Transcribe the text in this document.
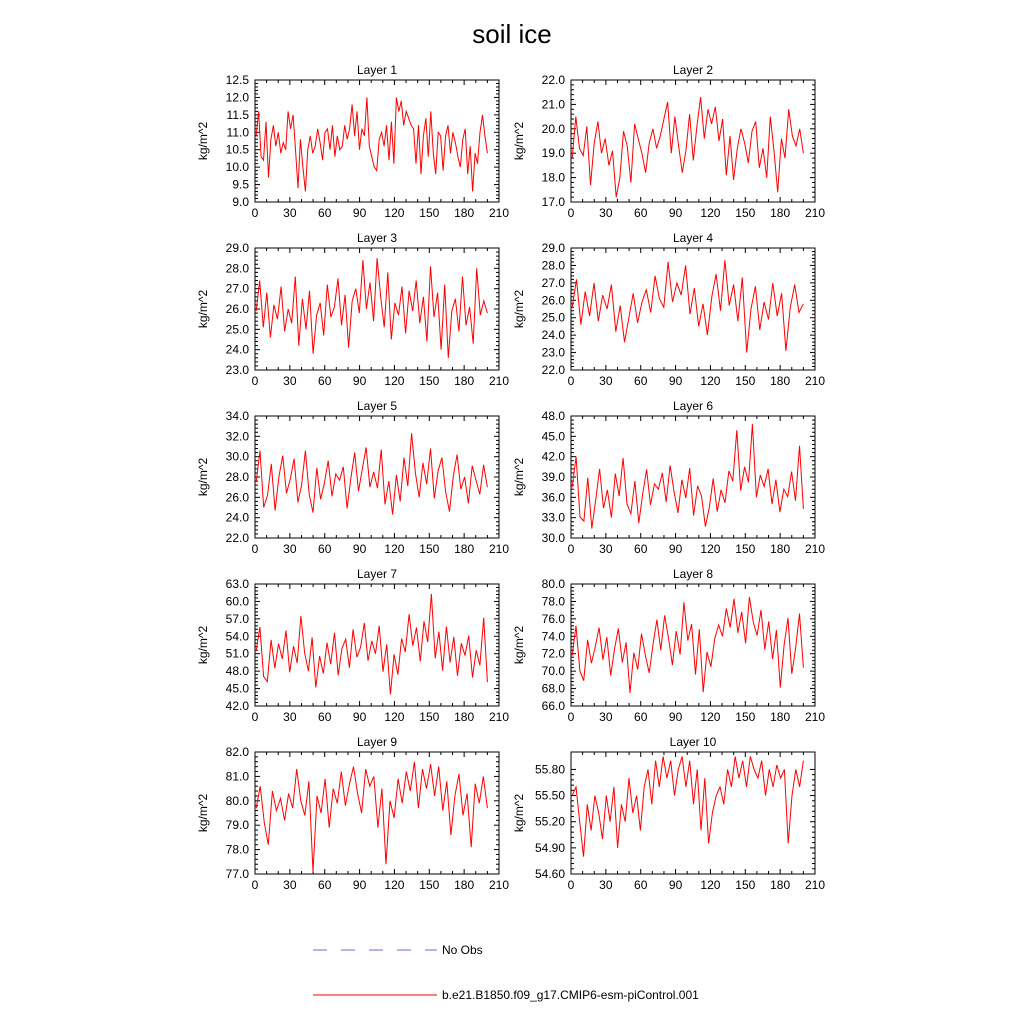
soil ice
Layer 1
kg/m^2
0 30 60 90 120 150 180 210
9.0
9.5
10.0
10.5
11.0
11.5
12.0
12.5
Layer 2
kg/m^2
0 30 60 90 120 150 180 210
17.0
18.0
19.0
20.0
21.0
22.0
Layer 3
kg/m^2
0 30 60 90 120 150 180 210
23.0
24.0
25.0
26.0
27.0
28.0
29.0
Layer 4
kg/m^2
0 30 60 90 120 150 180 210
22.0
23.0
24.0
25.0
26.0
27.0
28.0
29.0
Layer 5
kg/m^2
0 30 60 90 120 150 180 210
22.0
24.0
26.0
28.0
30.0
32.0
34.0
Layer 6
kg/m^2
0 30 60 90 120 150 180 210
30.0
33.0
36.0
39.0
42.0
45.0
48.0
Layer 7
kg/m^2
0 30 60 90 120 150 180 210
42.0
45.0
48.0
51.0
54.0
57.0
60.0
63.0
Layer 8
kg/m^2
0 30 60 90 120 150 180 210
66.0
68.0
70.0
72.0
74.0
76.0
78.0
80.0
Layer 9
kg/m^2
0 30 60 90 120 150 180 210
77.0
78.0
79.0
80.0
81.0
82.0
Layer 10
kg/m^2
0 30 60 90 120 150 180 210
54.60
54.90
55.20
55.50
55.80
No Obs
b.e21.B1850.f09_g17.CMIP6-esm-piControl.001
